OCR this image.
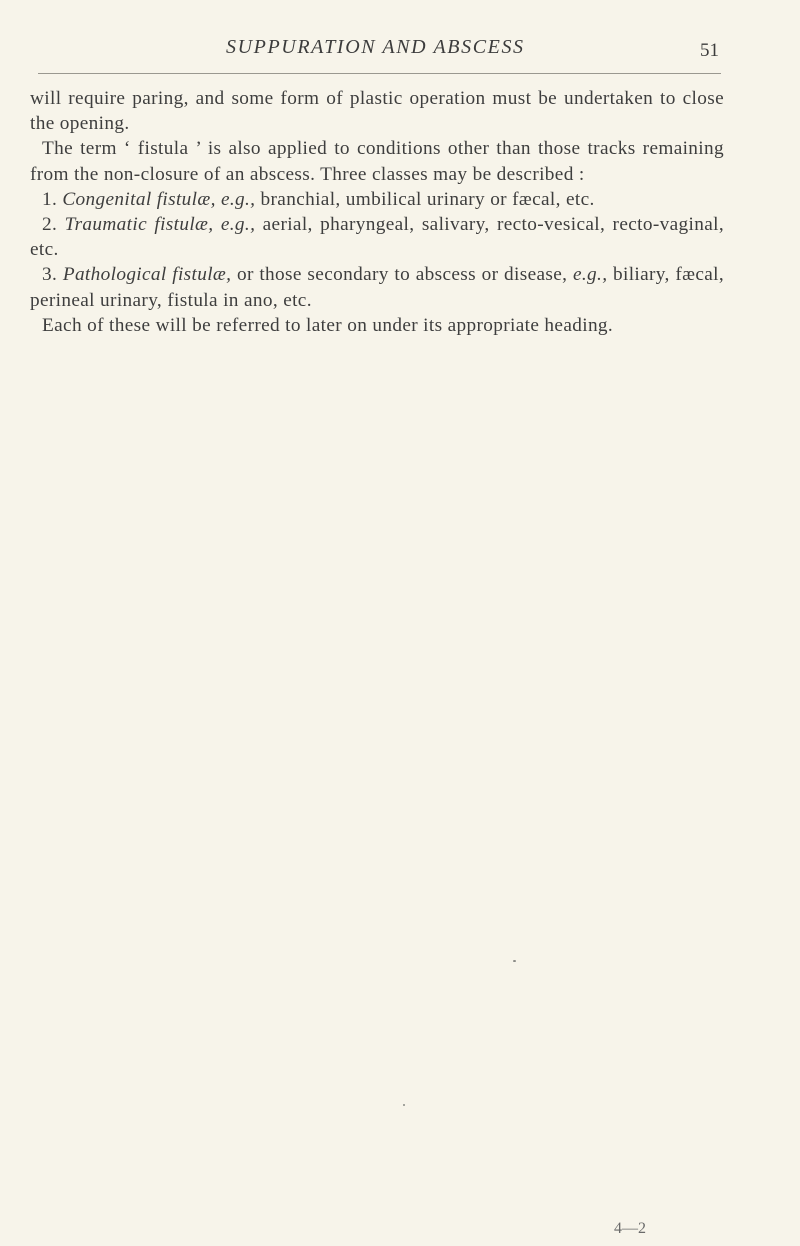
SUPPURATION AND ABSCESS	51

will require paring, and some form of plastic operation must be undertaken to close the opening.

The term ‘ fistula ’ is also applied to conditions other than those tracks remaining from the non-closure of an abscess. Three classes may be described :

1. Congenital fistulæ, e.g., branchial, umbilical urinary or fæcal, etc.

2. Traumatic fistulæ, e.g., aerial, pharyngeal, salivary, recto-vesical, recto-vaginal, etc.

3. Pathological fistulæ, or those secondary to abscess or disease, e.g., biliary, fæcal, perineal urinary, fistula in ano, etc.

Each of these will be referred to later on under its appropriate heading.

4—2
